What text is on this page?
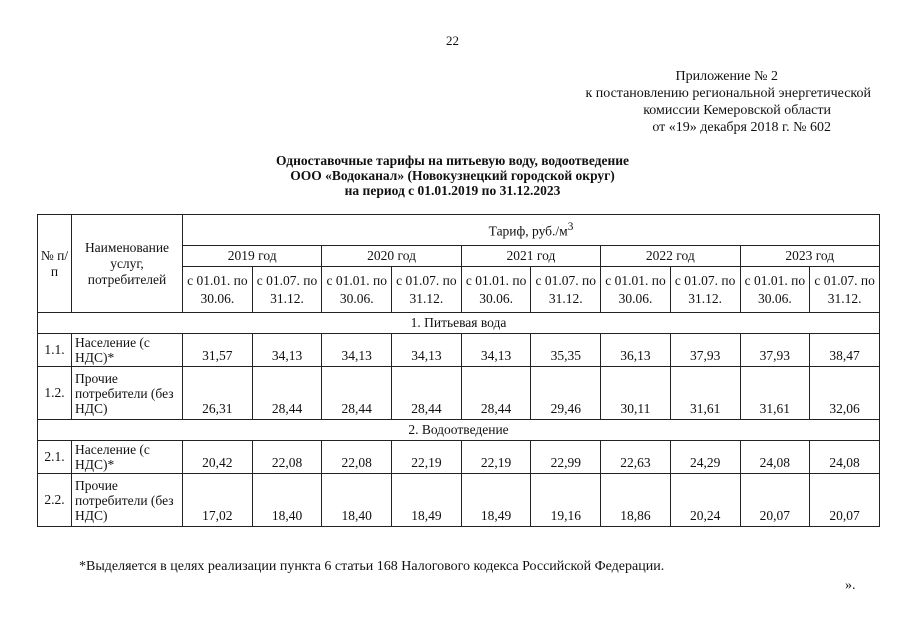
22
Приложение № 2
к постановлению региональной энергетической
комиссии Кемеровской области
от «19» декабря 2018 г. № 602
Одноставочные тарифы на питьевую воду, водоотведение
ООО «Водоканал» (Новокузнецкий городской округ)
на период с 01.01.2019 по 31.12.2023
№ п/п	Наименование услуг, потребителей	Тариф, $руб./м^3$
		2019 год		2020 год		2021 год		2022 год		2023 год	
		с 01.01. по 30.06.	с 01.07. по 31.12.	с 01.01. по 30.06.	с 01.07. по 31.12.	с 01.01. по 30.06.	с 01.07. по 31.12.	с 01.01. по 30.06.	с 01.07. по 31.12.	с 01.01. по 30.06.	с 01.07. по 31.12.
1. Питьевая вода											
1.1.	Население (с НДС)*	31,57	34,13	34,13	34,13	34,13	35,35	36,13	37,93	37,93	38,47
1.2.	Прочие потребители (без НДС)	26,31	28,44	28,44	28,44	28,44	29,46	30,11	31,61	31,61	32,06
2. Водоотведение											
2.1.	Население (с НДС)*	20,42	22,08	22,08	22,19	22,19	22,99	22,63	24,29	24,08	24,08
2.2.	Прочие потребители (без НДС)	17,02	18,40	18,40	18,49	18,49	19,16	18,86	20,24	20,07	20,07
*Выделяется в целях реализации пункта 6 статьи 168 Налогового кодекса Российской Федерации.
».
